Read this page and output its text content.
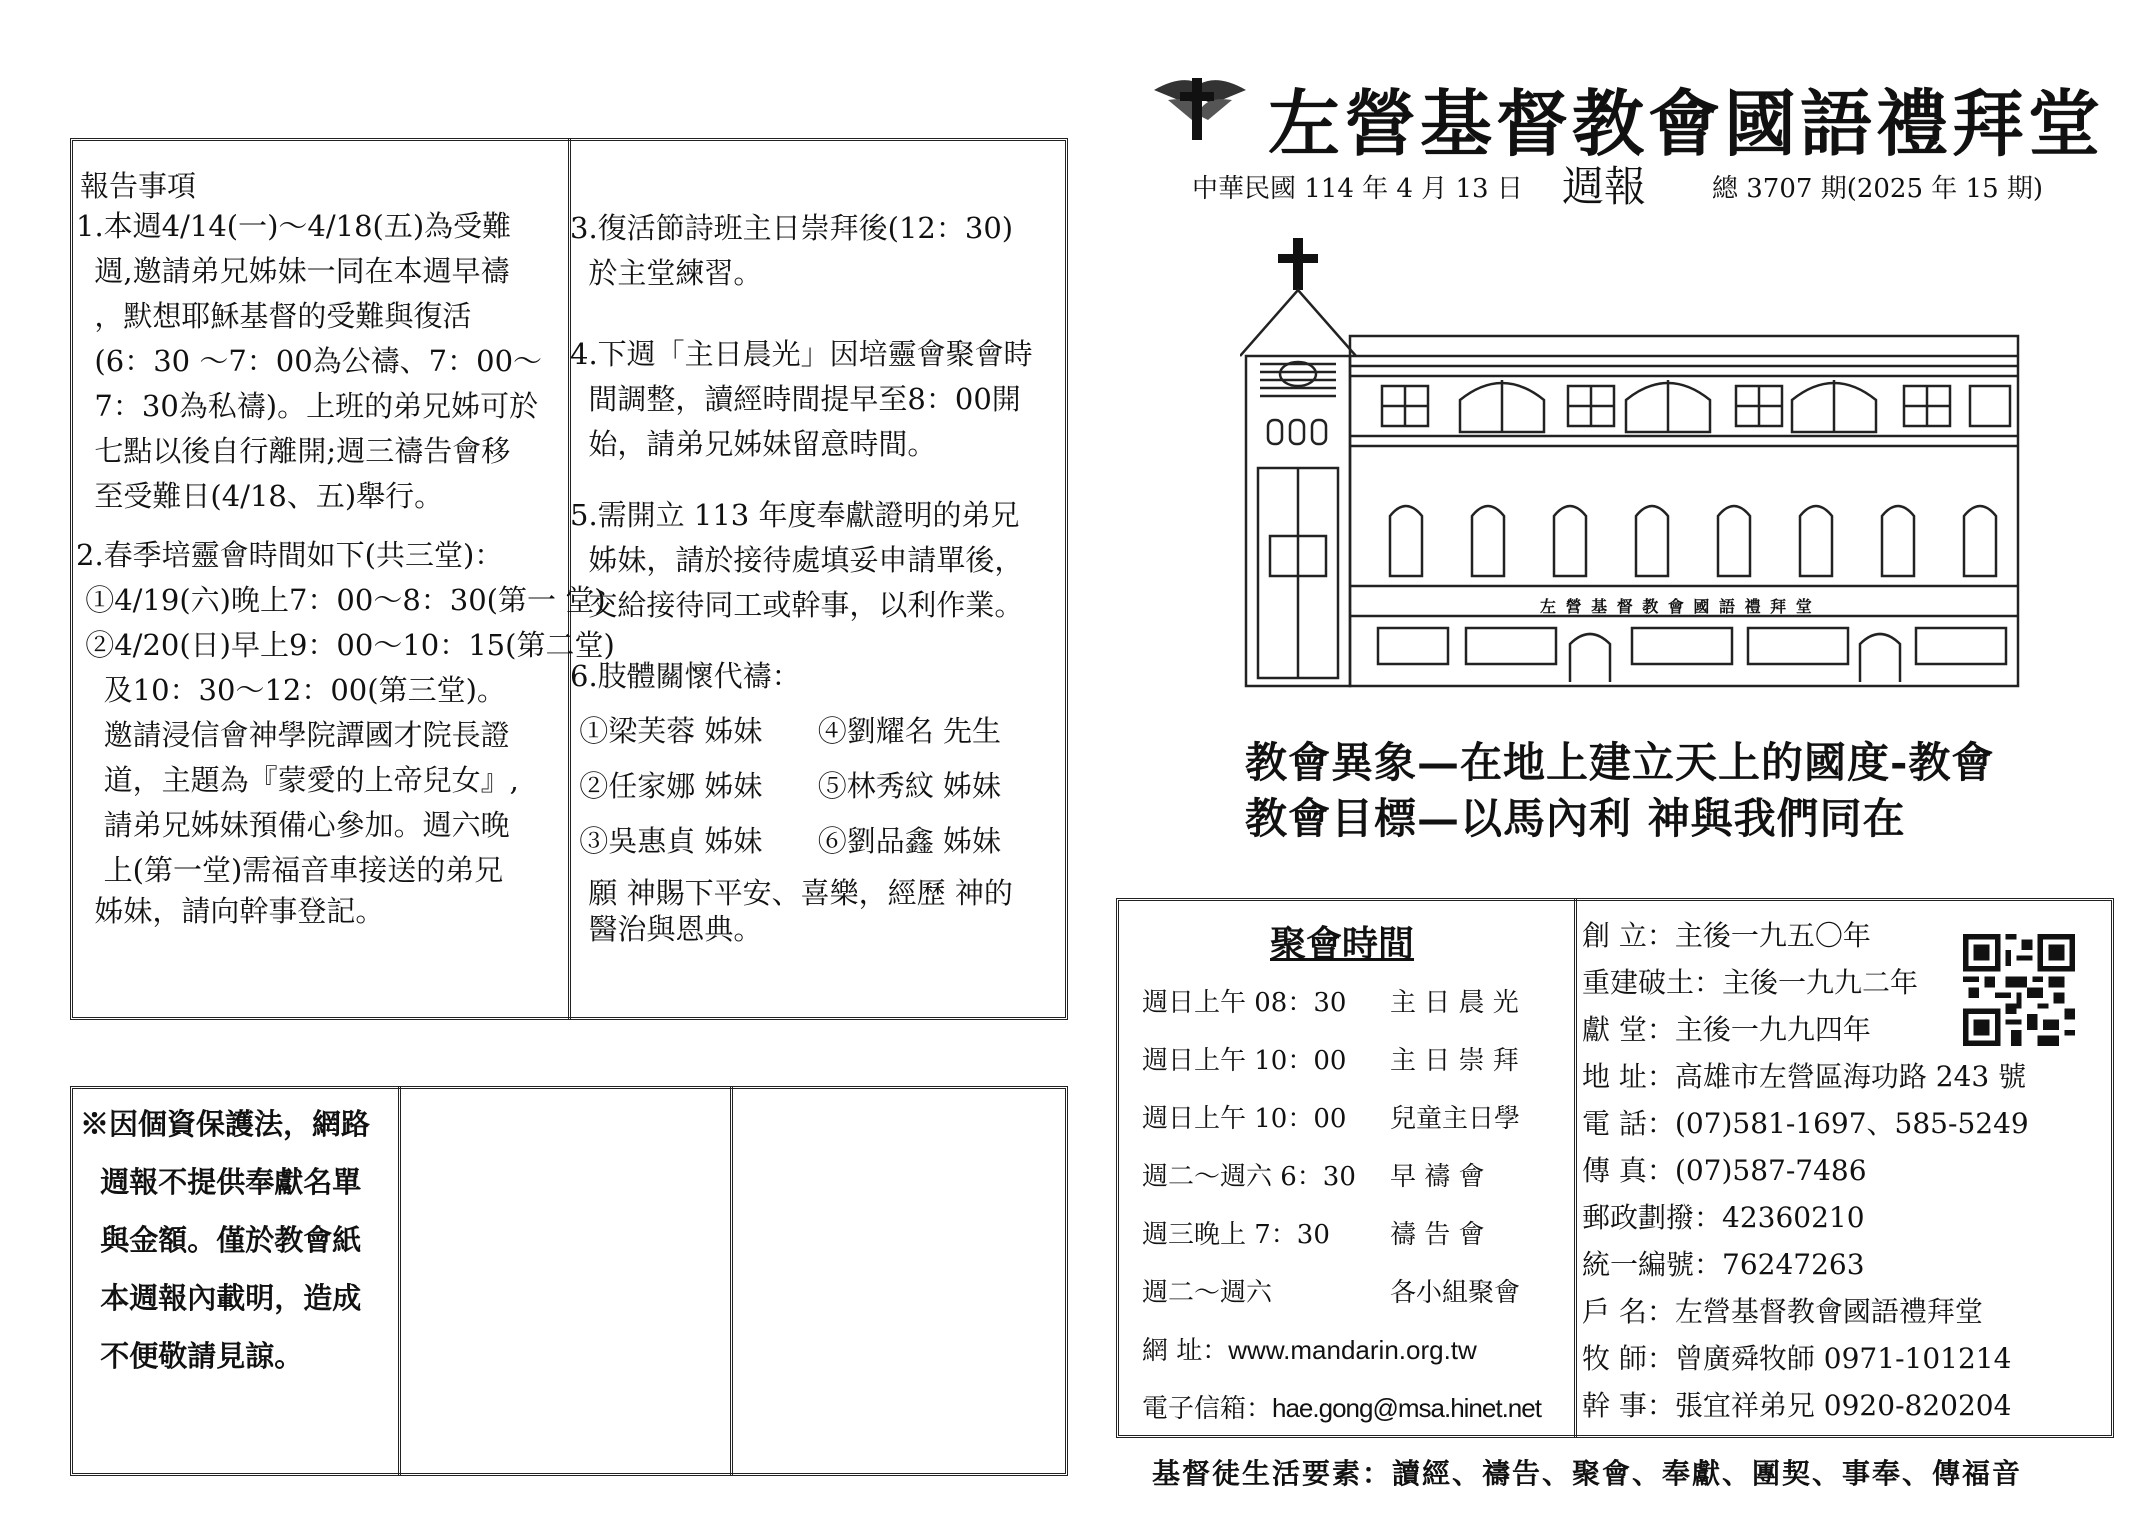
左營基督教會國語禮拜堂
中華民國 114 年 4 月 13 日 週報	總 3707 期(2025 年 15 期)
左 營 基 督 教 會 國 語 禮 拜 堂
報告事項
1.本週4/14(一)～4/18(五)為受難
週,邀請弟兄姊妹一同在本週早禱
，默想耶穌基督的受難與復活
(6：30 ～7：00為公禱、7：00～
7：30為私禱)。上班的弟兄姊可於
七點以後自行離開;週三禱告會移
至受難日(4/18、五)舉行。
2.春季培靈會時間如下(共三堂)：
①4/19(六)晚上7：00～8：30(第一 堂)
②4/20(日)早上9：00～10：15(第二堂)
及10：30～12：00(第三堂)。
邀請浸信會神學院譚國才院長證
道，主題為『蒙愛的上帝兒女』,
請弟兄姊妹預備心參加。週六晚
上(第一堂)需福音車接送的弟兄
姊妹，請向幹事登記。
3.復活節詩班主日崇拜後(12：30)
於主堂練習。
4.下週「主日晨光」因培靈會聚會時
間調整，讀經時間提早至8：00開
始，請弟兄姊妹留意時間。
5.需開立 113 年度奉獻證明的弟兄
姊妹，請於接待處填妥申請單後，
交給接待同工或幹事，以利作業。
6.肢體關懷代禱：
①梁芙蓉 姊妹      ④劉耀名 先生
②任家娜 姊妹      ⑤林秀紋 姊妹
③吳惠貞 姊妹      ⑥劉品鑫 姊妹
願 神賜下平安、喜樂，經歷 神的
醫治與恩典。
※因個資保護法，網路
週報不提供奉獻名單
與金額。僅於教會紙
本週報內載明，造成
不便敬請見諒。
教會異象—在地上建立天上的國度-教會
教會目標—以馬內利 神與我們同在
聚會時間
週日上午 08：30 主 日 晨 光
週日上午 10：00 主 日 崇 拜
週日上午 10：00 兒童主日學
週二～週六 6：30 早 禱 會
週三晚上 7：30 禱 告 會
週二～週六	各小組聚會
網 址：www.mandarin.org.tw
電子信箱：hae.gong@msa.hinet.net
創 立：主後一九五〇年
重建破土：主後一九九二年
獻 堂：主後一九九四年
地 址：高雄市左營區海功路 243 號
電 話：(07)581-1697、585-5249
傳 真：(07)587-7486
郵政劃撥：42360210
統一編號：76247263
戶 名：左營基督教會國語禮拜堂
牧 師：曾廣舜牧師 0971-101214
幹 事：張宜祥弟兄 0920-820204
基督徒生活要素：讀經、禱告、聚會、奉獻、團契、事奉、傳福音
